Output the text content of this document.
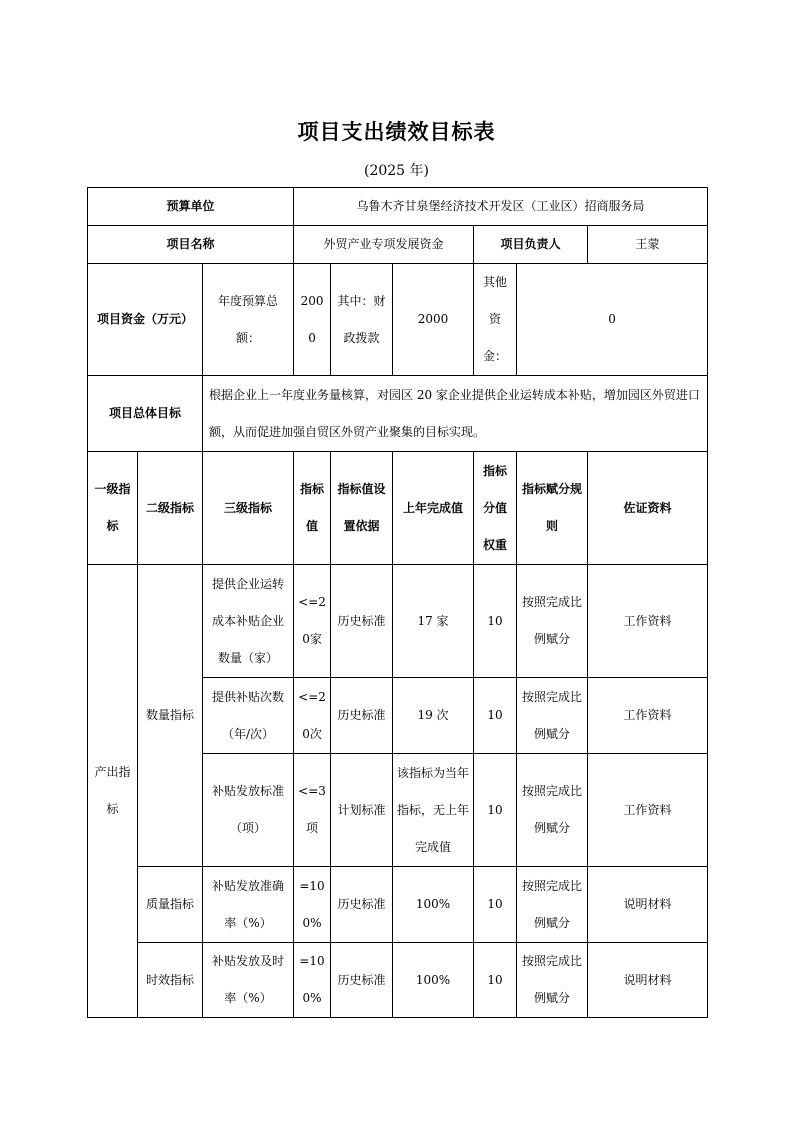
项目支出绩效目标表
(2025 年)
预算单位			乌鲁木齐甘泉堡经济技术开发区（工业区）招商服务局					
项目名称			外贸产业专项发展资金			项目负责人		王蒙
项目资金（万元）		年度预算总额：	2000	其中：财政拨款	2000	其他资金：	0	
项目总体目标		根据企业上一年度业务量核算，对园区 20 家企业提供企业运转成本补贴，增加园区外贸进口额，从而促进加强自贸区外贸产业聚集的目标实现。						
一级指标	二级指标	三级指标	指标值	指标值设置依据	上年完成值	指标分值权重	指标赋分规则	佐证资料
产出指标	数量指标	提供企业运转成本补贴企业数量（家）	<=20家	历史标准	17 家	10	按照完成比例赋分	工作资料
		提供补贴次数（年/次）	<=20次	历史标准	19 次	10	按照完成比例赋分	工作资料
		补贴发放标准（项）	<=3项	计划标准	该指标为当年指标，无上年完成值	10	按照完成比例赋分	工作资料
	质量指标	补贴发放准确率（%）	=100%	历史标准	100%	10	按照完成比例赋分	说明材料
	时效指标	补贴发放及时率（%）	=100%	历史标准	100%	10	按照完成比例赋分	说明材料
